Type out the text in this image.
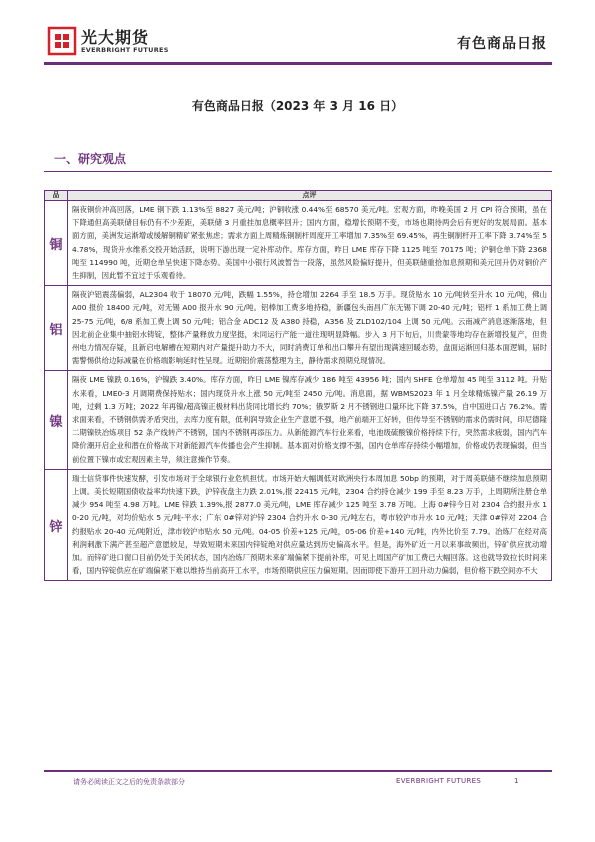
光大期货
EVERBRIGHT FUTURES	有色商品日报
有色商品日报（2023 年 3 月 16 日）
一、研究观点
品	点评
铜	隔夜铜价冲高回落，LME 铜下跌 1.13%至 8827 美元/吨；沪铜收涨 0.44%至 68570 美元/吨。宏观方面，昨晚美国 2 月 CPI 符合预期，虽在下降通但高美联储目标仍有不少差距，美联储 3 月重挂加息概率回升；国内方面，稳增长预期不变，市场也期待两会后有更好的发展局面。基本面方面，美洲发运渐增或缓解铜精矿紧张焦虑；需求方面上周精炼铜制杆周度开工率增加 7.35%至 69.45%，再生铜制杆开工率下降 3.74%至 54.78%，现货升水维系交投开始活跃，说明下游出现一定补库动作。库存方面，昨日 LME 库存下降 1125 吨至 70175 吨；沪铜仓单下降 2368 吨至 114990 吨，近期仓单呈快速下降态势。美国中小银行风波暂告一段落，虽然风险偏好提升，但美联储重拾加息预期和美元回升仍对铜价产生抑制，因此暂不宜过于乐观看待。
铝	隔夜沪铝震荡偏弱，AL2304 收于 18070 元/吨，跌幅 1.55%，持仓增加 2264 手至 18.5 万手。现货贴水 10 元/吨转至升水 10 元/吨，佛山 A00 报价 18400 元/吨，对无锡 A00 报升水 90 元/吨。铝棒加工费多地持稳，新疆包头南昌广东无锡下调 20-40 元/吨；铝杆 1 系加工费上调 25-75 元/吨，6/8 系加工费上调 50 元/吨；铝合金 ADC12 及 A380 持稳，A356 及 ZLD102/104 上调 50 元/吨。云南减产消息逐渐落地，但因北前企业集中抽铝水铸锭，整体产量释放力度坚挺，未同运行产能一道往现明显降幅。步入 3 月下旬后，川贵蒙等地均存在新增投复产，但贵州电力情况存疑，且新启电解槽在短期内对产量提升助力不大，同时消费订单和出口攀升有望出现满速回暖态势，盘面运渐回归基本面逻辑，届时需警惕供给边际减量在价格端影响延时性呈现。近期铝价震荡整理为主，静待需求预期兑现情况。
镍	隔夜 LME 镍跌 0.16%，沪镍跌 3.40%。库存方面，昨日 LME 镍库存减少 186 吨至 43956 吨；国内 SHFE 仓单增加 45 吨至 3112 吨。升贴水来看，LME0-3 月调期费保持贴水；国内现货升水上涨 50 元/吨至 2450 元/吨。消息面，据 WBMS2023 年 1 月全球精炼镍产量 26.19 万吨，过剩 1.3 万吨；2022 年再镍/超高镍正极材料出货同比增长约 70%；俄罗斯 2 月不锈钢进口量环比下降 37.5%，自中国进口占 76.2%。需求面来看，不锈钢供需矛盾突出，去库力度有限，低利润导致企业生产意愿不强，地产前端开工好转，但传导至不锈钢的需求仍需时间，印尼德隆二期镍铁冶炼项目 52 条产线转产不锈钢，国内不锈钢再添压力。从新能源汽车行业来看，电池级硫酸镍价格持续下行，突然需求疲弱，国内汽车降价潮开启企业和潜在价格战下对新能源汽车传播也会产生抑制。基本面对价格支撑不强，国内仓单库存持续小幅增加，价格或仍表现偏弱，但当前位置下镍市或宏观因素主导，须注意操作节奏。
锌	瑞士信贷事件快速发酵，引发市场对于全球银行业危机担忧。市场开始大幅调低对欧洲央行本周加息 50bp 的预期，对于周美联储不继续加息预期上调。美长短期国债收益率均快速下跌，沪锌夜盘主力跌 2.01%,报 22415 元/吨，2304 合约持仓减少 199 手至 8.23 万手，上周期所注册仓单减少 954 吨至 4.98 万吨。LME 锌跌 1.39%,报 2877.0 美元/吨，LME 库存减少 125 吨至 3.78 万吨。上海 0#锌今日对 2304 合约报升水 10-20 元/吨，对均价贴水 5 元/吨-平水；广东 0#锌对沪锌 2304 合约升水 0-30 元/吨左右，粤市较沪市升水 10 元/吨；天津 0#锌对 2204 合约报贴水 20-40 元/吨附近，津市较沪市贴水 50 元/吨。04-05 价差+125 元/吨，05-06 价差+140 元/吨，内外比价至 7.79。冶炼厂在经对高利润刺激下满产甚至超产意愿较足，导致短期未来国内锌锭绝对供应量达到历史偏高水平。但是，海外矿近一月以来事故频出，锌矿供应扰动增加。而锌矿进口窗口目前仍处于关闭状态，国内冶炼厂预期未来矿端偏紧下提前补库，可见上周国产矿加工费已大幅回落。这也就导致拉长时间来看，国内锌锭供应在矿端偏紧下难以维持当前高开工水平，市场预期供应压力偏短期。因而即使下游开工回升动力偏弱，但价格下跌空间亦不大
请务必阅读正文之后的免责条款部分	EVERBRIGHT FUTURES	1
